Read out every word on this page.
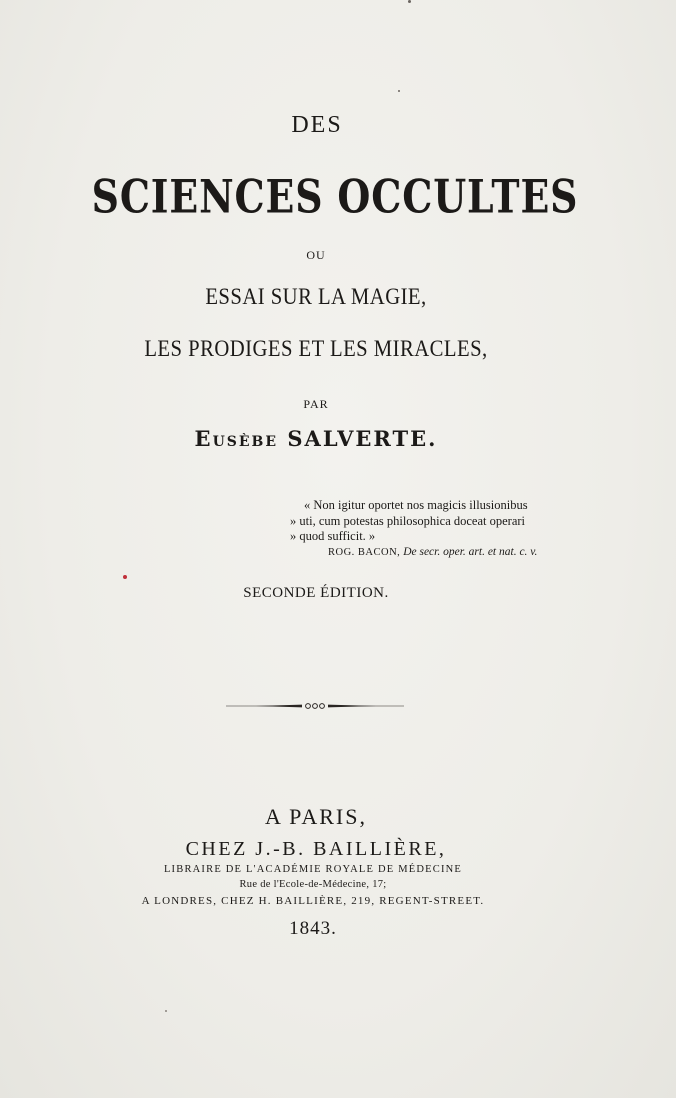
DES
SCIENCES OCCULTES
OU
ESSAI SUR LA MAGIE,
LES PRODIGES ET LES MIRACLES,
PAR
EUSÈBE SALVERTE.
« Non igitur oportet nos magicis illusionibus
» uti, cum potestas philosophica doceat operari
» quod sufficit. »
ROG. BACON, De secr. oper. art. et nat. c. v.
SECONDE ÉDITION.
A PARIS,
CHEZ J.-B. BAILLIÈRE,
LIBRAIRE DE L'ACADÉMIE ROYALE DE MÉDECINE
Rue de l'Ecole-de-Médecine, 17;
A LONDRES, CHEZ H. BAILLIÈRE, 219, REGENT-STREET.
1843.
